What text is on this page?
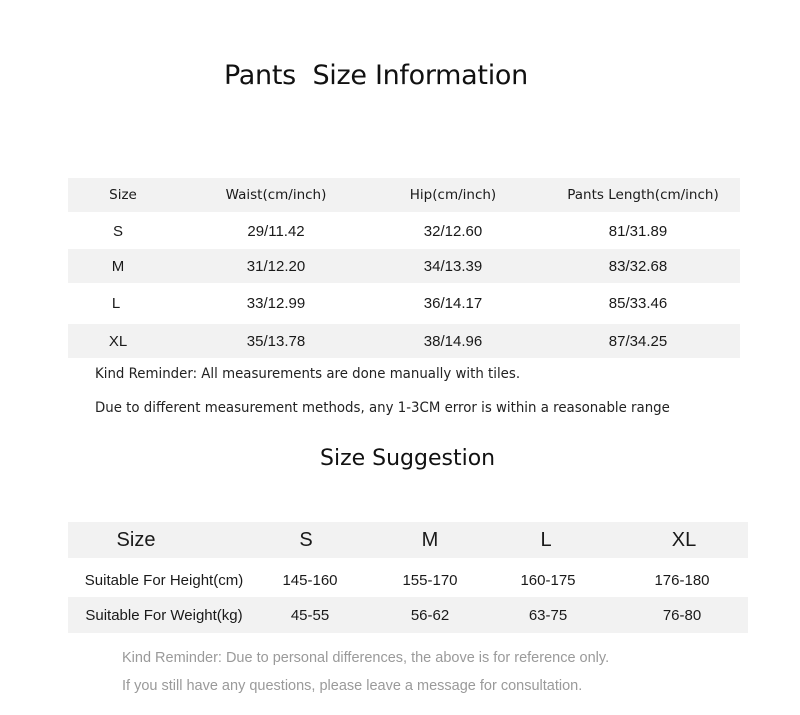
Pants  Size Information
Size	Waist(cm/inch)	Hip(cm/inch)	Pants Length(cm/inch)
S	29/11.42	32/12.60	81/31.89
M	31/12.20	34/13.39	83/32.68
L	33/12.99	36/14.17	85/33.46
XL	35/13.78	38/14.96	87/34.25
Kind Reminder: All measurements are done manually with tiles.
Due to different measurement methods, any 1-3CM error is within a reasonable range
Size Suggestion
Size	S	M	L	XL
Suitable For Height(cm)	145-160	155-170	160-175	176-180
Suitable For Weight(kg)	45-55	56-62	63-75	76-80
Kind Reminder: Due to personal differences, the above is for reference only.
If you still have any questions, please leave a message for consultation.
